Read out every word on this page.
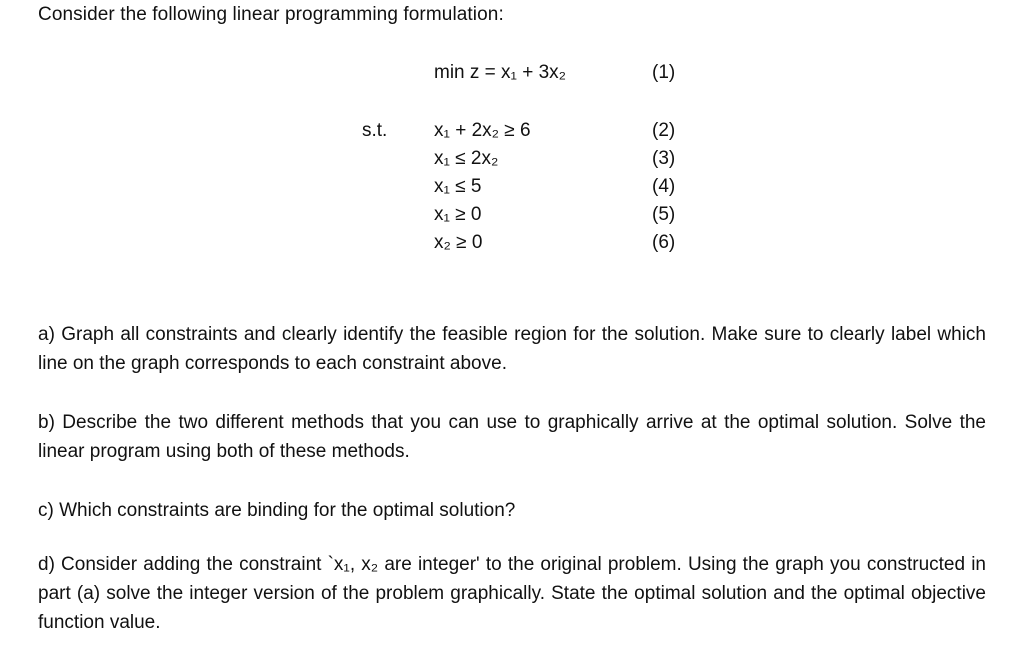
Consider the following linear programming formulation:
min z = x₁ + 3x₂	(1)
s.t. x₁ + 2x₂ ≥ 6	(2)
x₁ ≤ 2x₂	(3)
x₁ ≤ 5	(4)
x₁ ≥ 0	(5)
x₂ ≥ 0	(6)
a) Graph all constraints and clearly identify the feasible region for the solution. Make sure to clearly label which line on the graph corresponds to each constraint above.
b) Describe the two different methods that you can use to graphically arrive at the optimal solution. Solve the linear program using both of these methods.
c) Which constraints are binding for the optimal solution?
d) Consider adding the constraint `x₁, x₂ are integer' to the original problem. Using the graph you constructed in part (a) solve the integer version of the problem graphically. State the optimal solution and the optimal objective function value.
